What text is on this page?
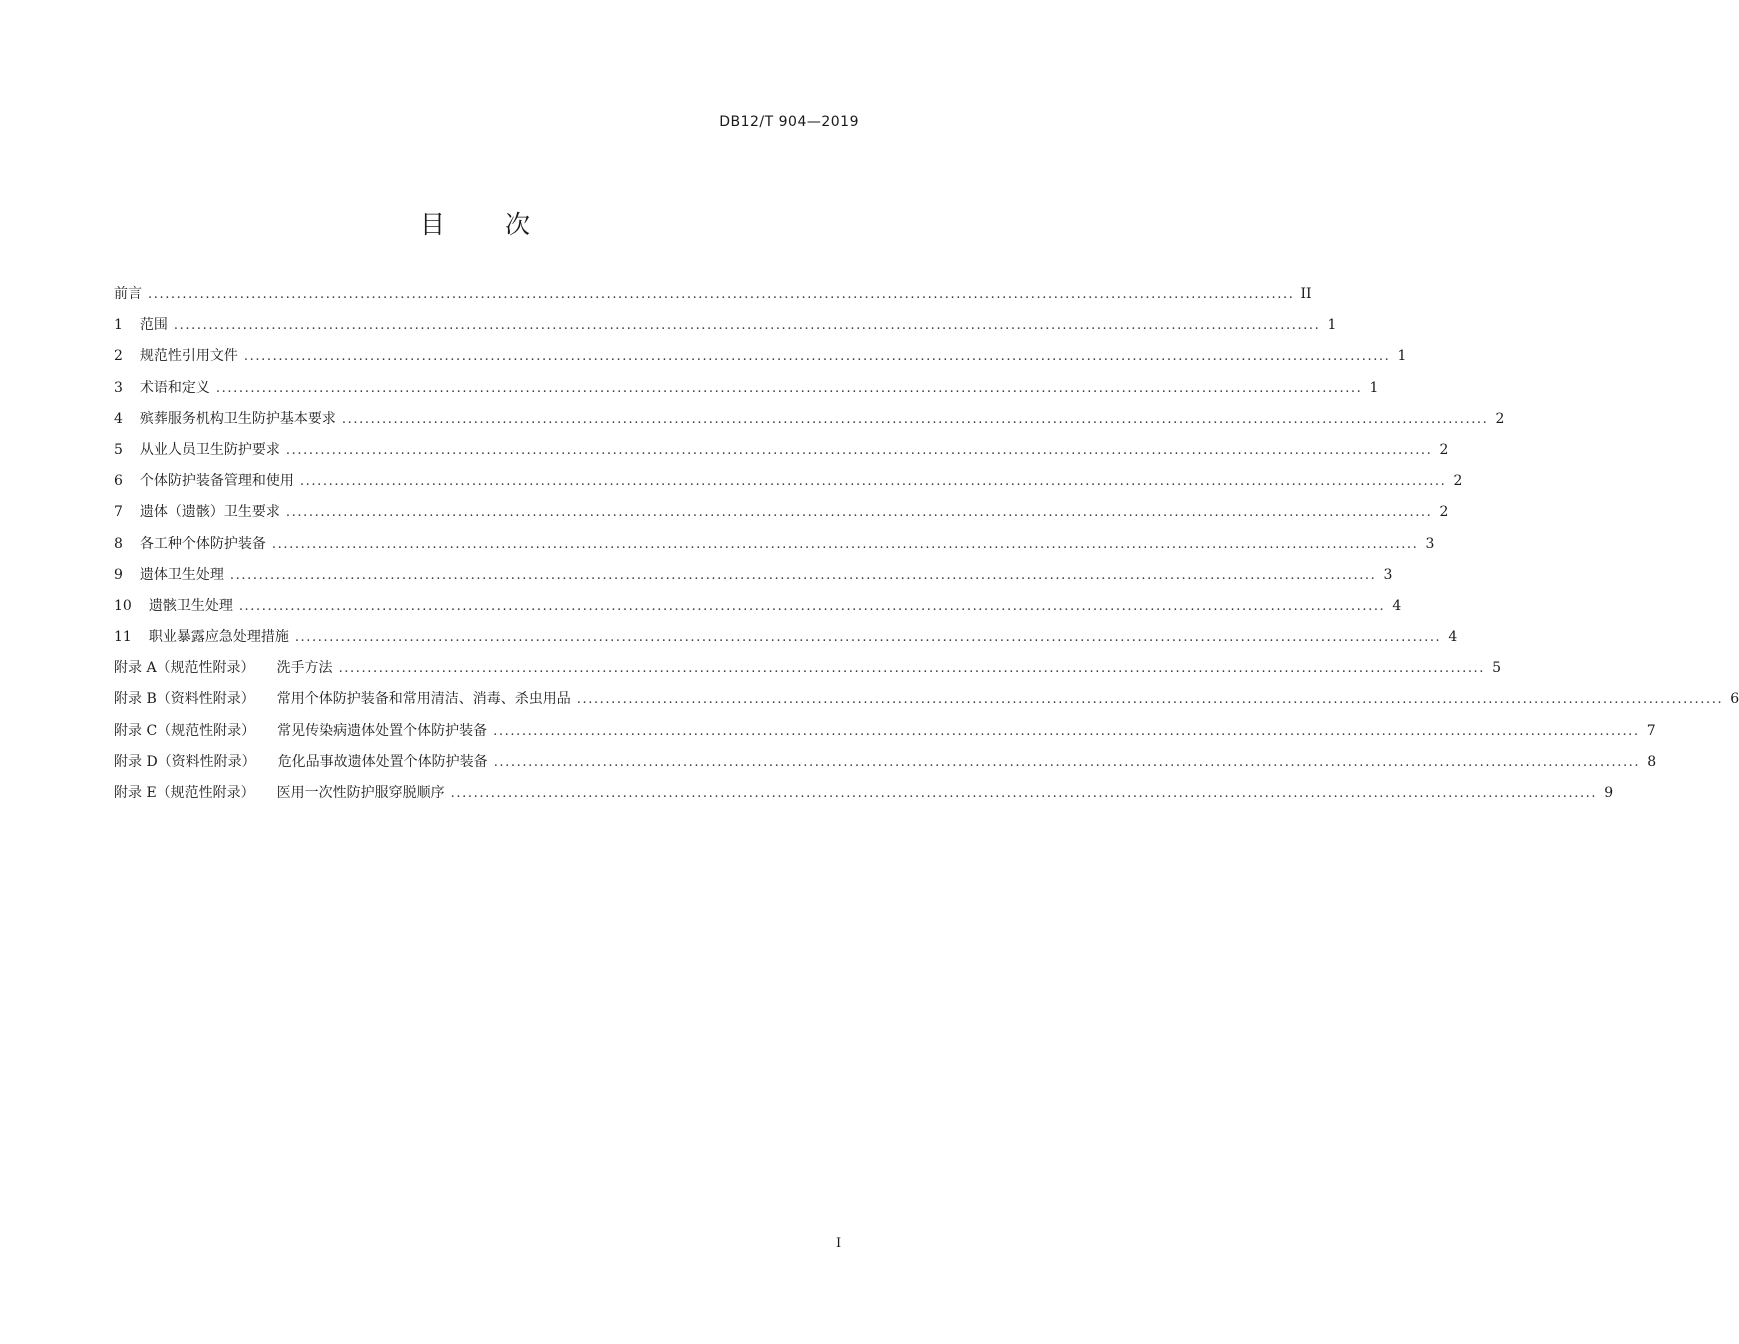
DB12/T 904—2019
目 次
前言 ........................................................................................................................................................................................................ II
1 范围 ........................................................................................................................................................................................................ 1
2 规范性引用文件 ........................................................................................................................................................................................................ 1
3 术语和定义 ........................................................................................................................................................................................................ 1
4 殡葬服务机构卫生防护基本要求 ........................................................................................................................................................................................................ 2
5 从业人员卫生防护要求 ........................................................................................................................................................................................................ 2
6 个体防护装备管理和使用 ........................................................................................................................................................................................................ 2
7 遗体（遗骸）卫生要求 ........................................................................................................................................................................................................ 2
8 各工种个体防护装备 ........................................................................................................................................................................................................ 3
9 遗体卫生处理 ........................................................................................................................................................................................................ 3
10 遗骸卫生处理 ........................................................................................................................................................................................................ 4
11 职业暴露应急处理措施 ........................................................................................................................................................................................................ 4
附录 A（规范性附录） 洗手方法 ........................................................................................................................................................................................................ 5
附录 B（资料性附录） 常用个体防护装备和常用清洁、消毒、杀虫用品 ........................................................................................................................................................................................................ 6
附录 C（规范性附录） 常见传染病遗体处置个体防护装备 ........................................................................................................................................................................................................ 7
附录 D（资料性附录） 危化品事故遗体处置个体防护装备 ........................................................................................................................................................................................................ 8
附录 E（规范性附录） 医用一次性防护服穿脱顺序 ........................................................................................................................................................................................................ 9
I
